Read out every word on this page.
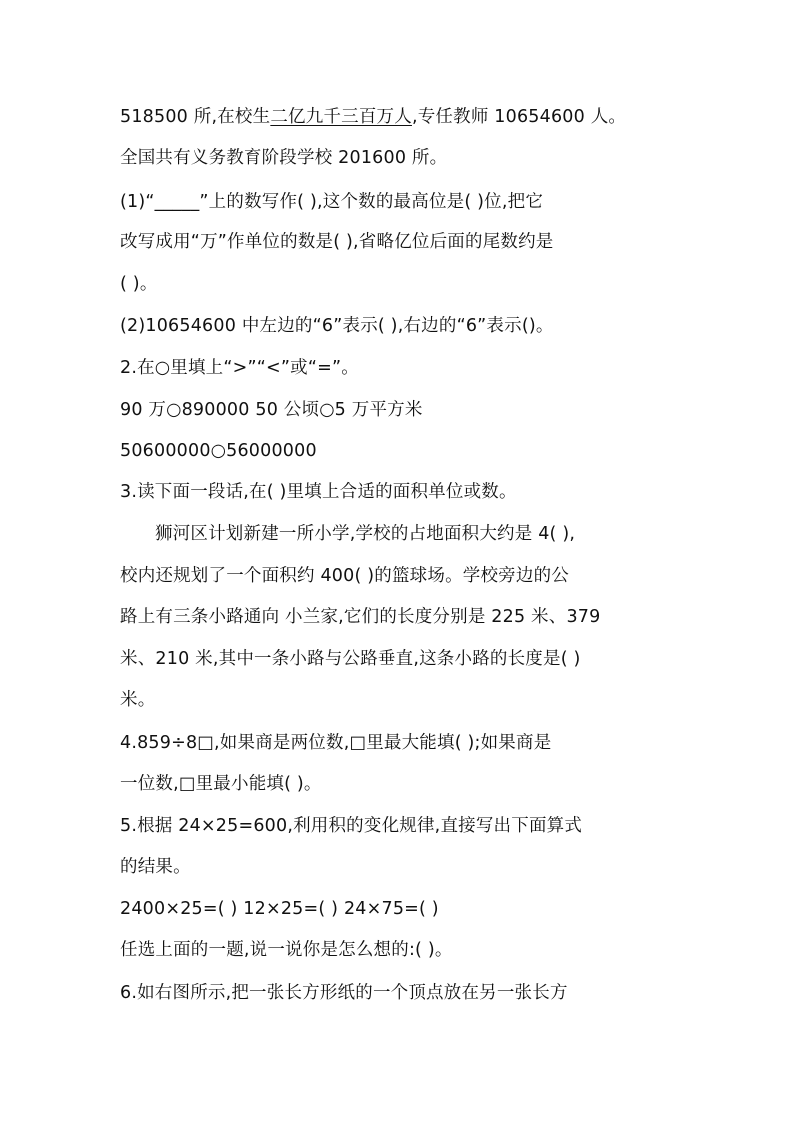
518500 所,在校生二亿九千三百万人,专任教师 10654600 人。
全国共有义务教育阶段学校 201600 所。
(1)“_____”上的数写作( ),这个数的最高位是( )位,把它
改写成用“万”作单位的数是( ),省略亿位后面的尾数约是
( )。
(2)10654600 中左边的“6”表示( ),右边的“6”表示()。
2.在○里填上“>”“<”或“=”。
90 万○890000 50 公顷○5 万平方米
50600000○56000000
3.读下面一段话,在( )里填上合适的面积单位或数。
狮河区计划新建一所小学,学校的占地面积大约是 4( ),
校内还规划了一个面积约 400( )的篮球场。学校旁边的公
路上有三条小路通向 小兰家,它们的长度分别是 225 米、379
米、210 米,其中一条小路与公路垂直,这条小路的长度是( )
米。
4.859÷8□,如果商是两位数,□里最大能填( );如果商是
一位数,□里最小能填( )。
5.根据 24×25=600,利用积的变化规律,直接写出下面算式
的结果。
2400×25=( ) 12×25=( ) 24×75=( )
任选上面的一题,说一说你是怎么想的:( )。
6.如右图所示,把一张长方形纸的一个顶点放在另一张长方
